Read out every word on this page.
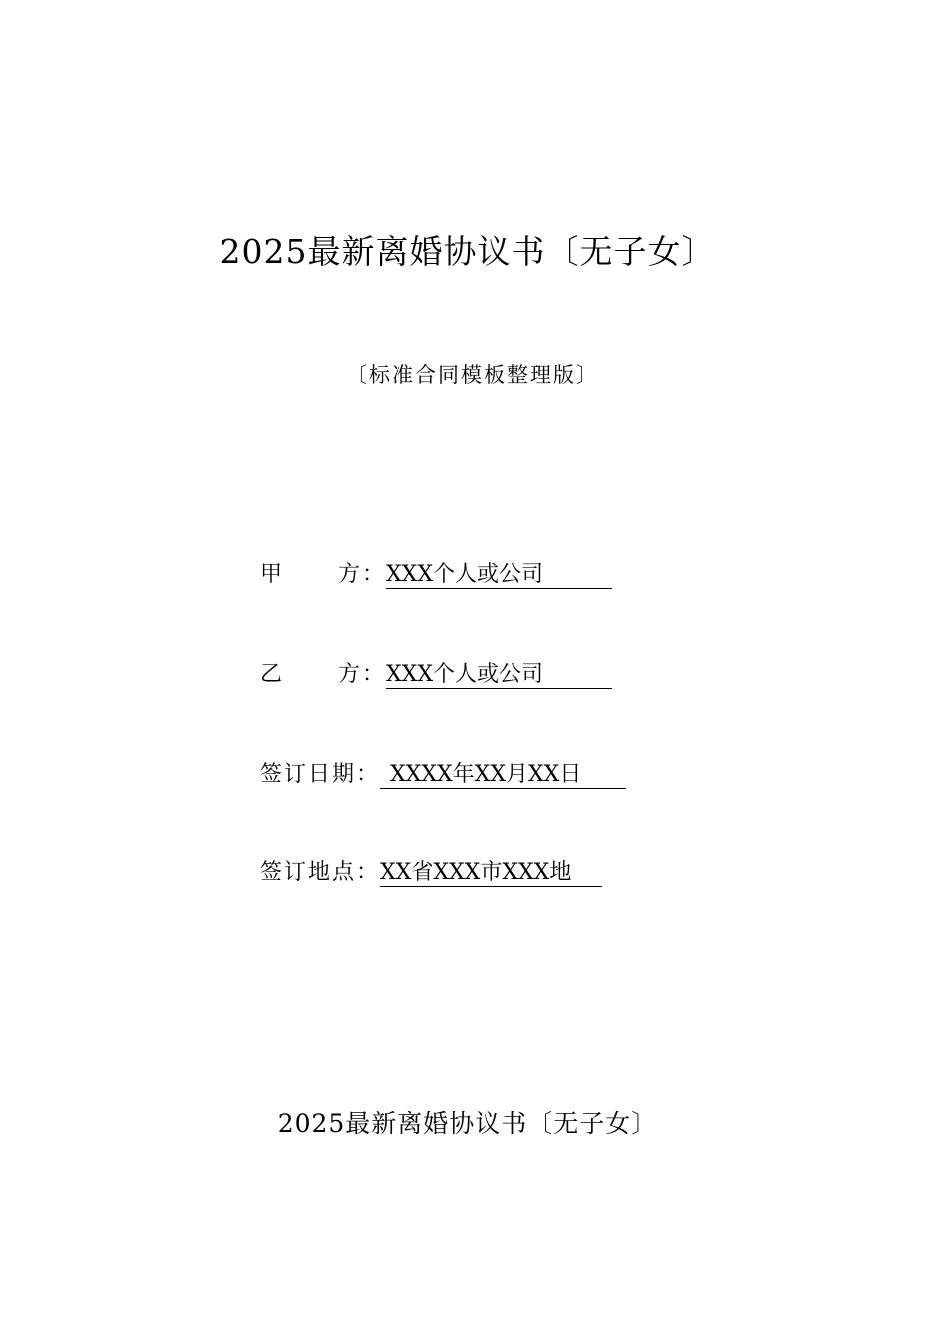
2025最新离婚协议书〔无子女〕
〔标准合同模板整理版〕
甲 方：XXX个人或公司
乙 方：XXX个人或公司
签订日期： XXXX年XX月XX日
签订地点：XX省XXX市XXX地
2025最新离婚协议书〔无子女〕
